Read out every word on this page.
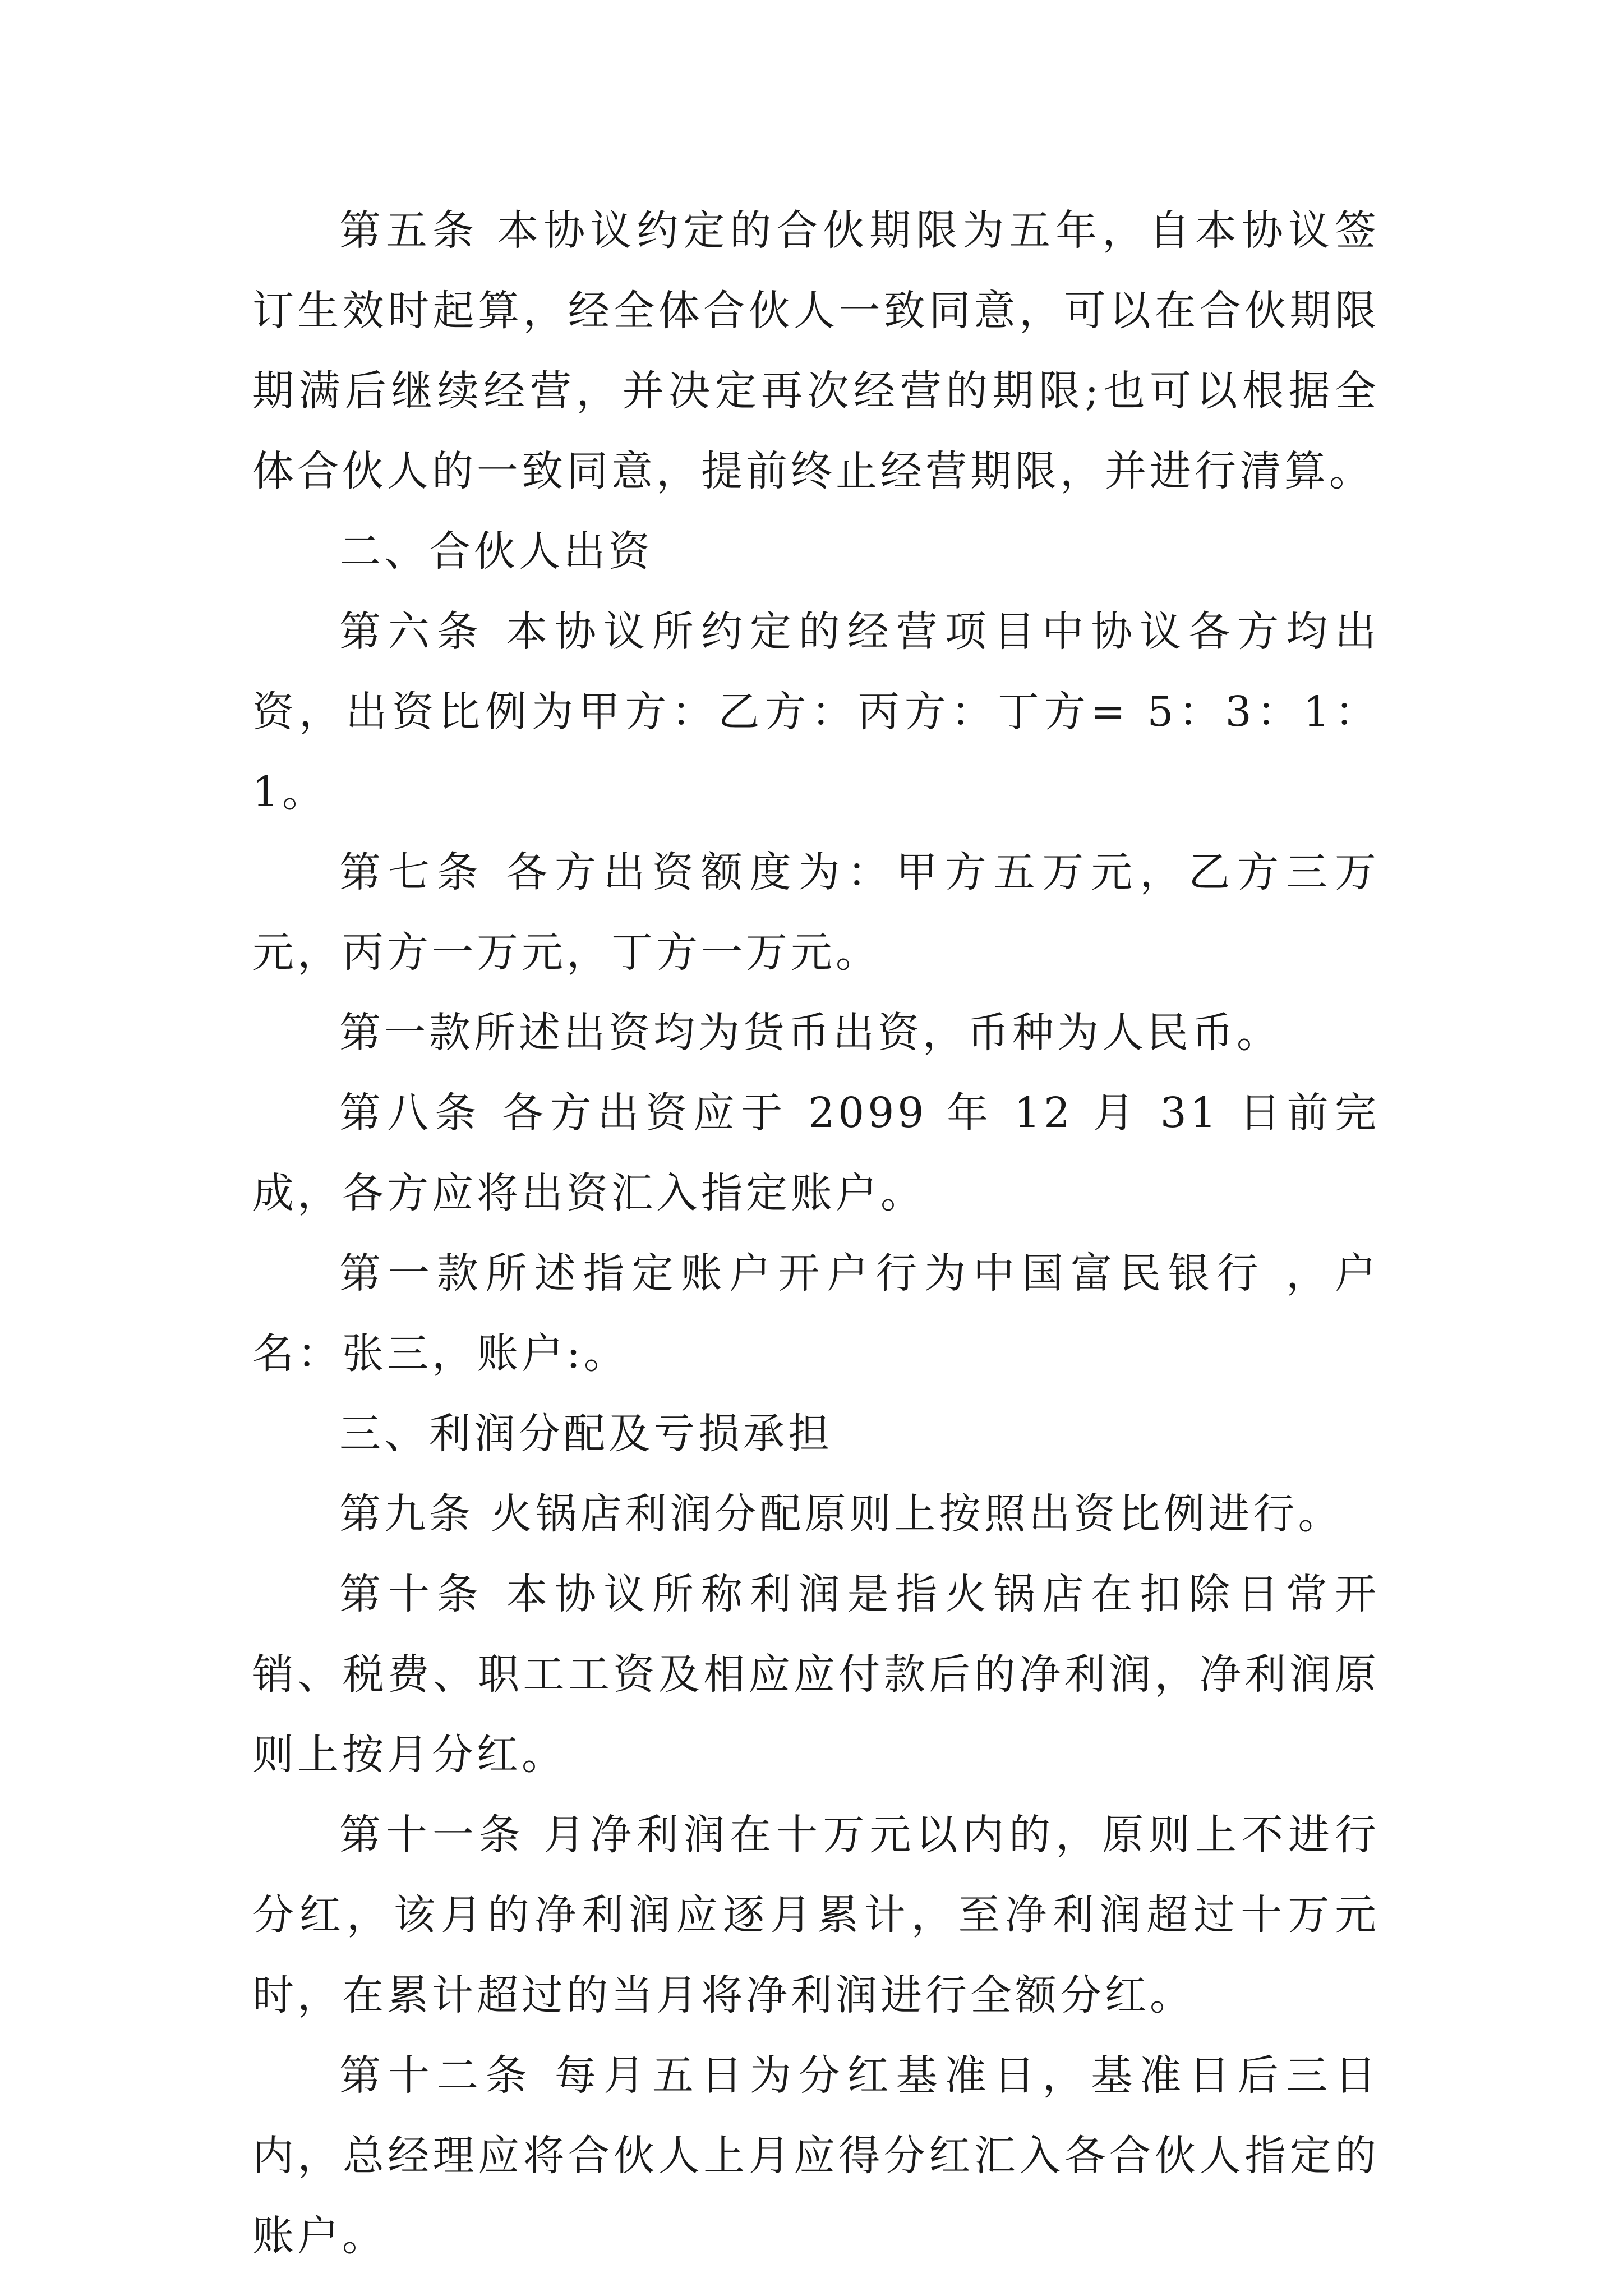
第五条 本协议约定的合伙期限为五年，自本协议签订生效时起算，经全体合伙人一致同意，可以在合伙期限期满后继续经营，并决定再次经营的期限;也可以根据全体合伙人的一致同意，提前终止经营期限，并进行清算。

二、合伙人出资

第六条 本协议所约定的经营项目中协议各方均出资，出资比例为甲方：乙方：丙方：丁方= 5：3：1：1。

第七条 各方出资额度为：甲方五万元，乙方三万元，丙方一万元，丁方一万元。

第一款所述出资均为货币出资，币种为人民币。

第八条 各方出资应于 2099 年 12 月 31 日前完成，各方应将出资汇入指定账户。

第一款所述指定账户开户行为中国富民银行 ，户名：张三，账户:。

三、利润分配及亏损承担

第九条 火锅店利润分配原则上按照出资比例进行。

第十条 本协议所称利润是指火锅店在扣除日常开销、税费、职工工资及相应应付款后的净利润，净利润原则上按月分红。

第十一条 月净利润在十万元以内的，原则上不进行分红，该月的净利润应逐月累计，至净利润超过十万元时，在累计超过的当月将净利润进行全额分红。

第十二条 每月五日为分红基准日，基准日后三日内，总经理应将合伙人上月应得分红汇入各合伙人指定的账户。
